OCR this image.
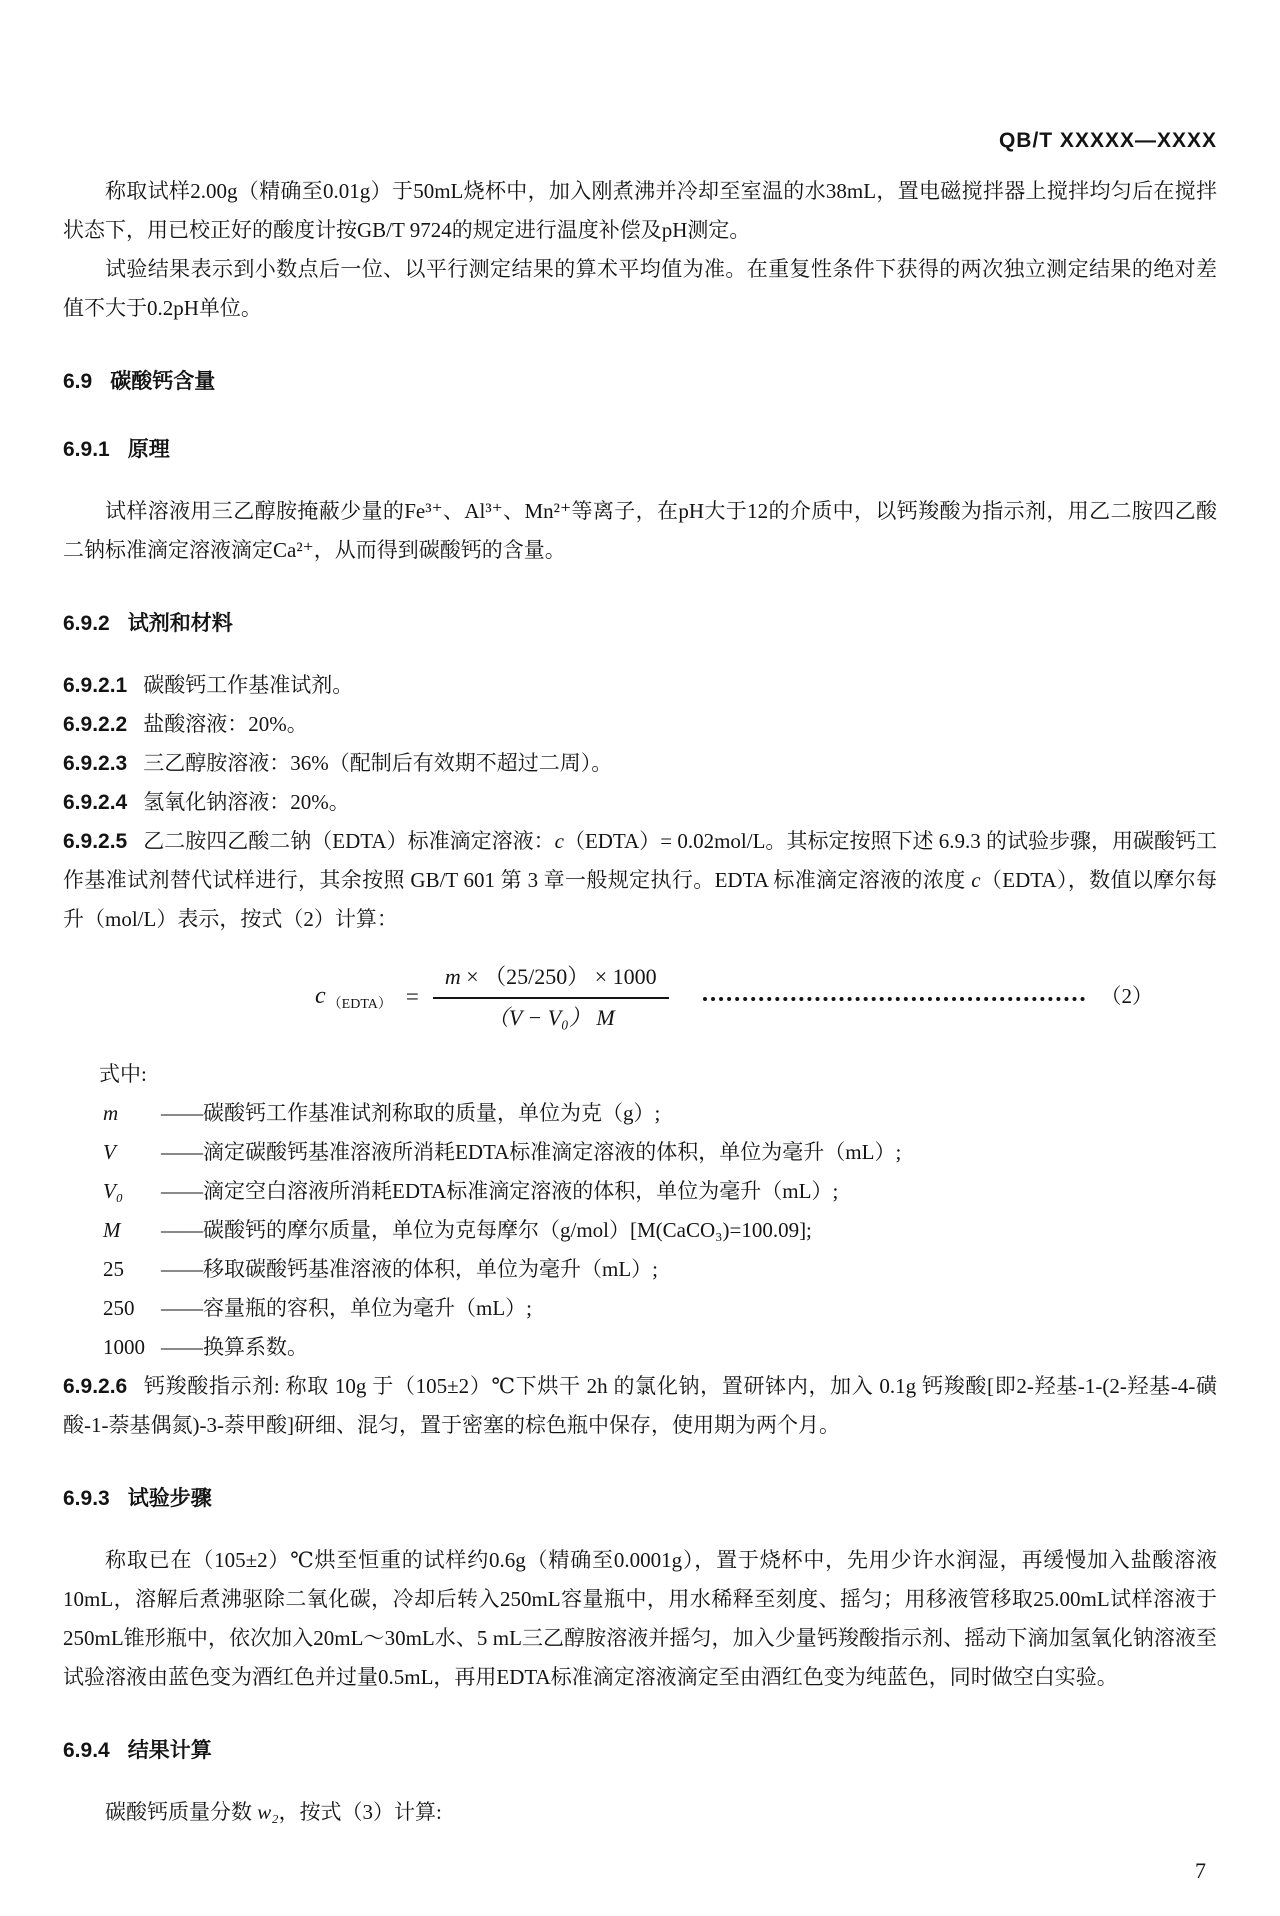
QB/T XXXXX—XXXX

称取试样2.00g（精确至0.01g）于50mL烧杯中，加入刚煮沸并冷却至室温的水38mL，置电磁搅拌器上搅拌均匀后在搅拌状态下，用已校正好的酸度计按GB/T 9724的规定进行温度补偿及pH测定。

试验结果表示到小数点后一位、以平行测定结果的算术平均值为准。在重复性条件下获得的两次独立测定结果的绝对差值不大于0.2pH单位。

6.9 碳酸钙含量
6.9.1 原理

试样溶液用三乙醇胺掩蔽少量的Fe³⁺、Al³⁺、Mn²⁺等离子，在pH大于12的介质中，以钙羧酸为指示剂，用乙二胺四乙酸二钠标准滴定溶液滴定Ca²⁺，从而得到碳酸钙的含量。

6.9.2 试剂和材料

6.9.2.1 碳酸钙工作基准试剂。

6.9.2.2 盐酸溶液：20%。

6.9.2.3 三乙醇胺溶液：36%（配制后有效期不超过二周）。

6.9.2.4 氢氧化钠溶液：20%。

6.9.2.5 乙二胺四乙酸二钠（EDTA）标准滴定溶液：c（EDTA）= 0.02mol/L。其标定按照下述 6.9.3 的试验步骤，用碳酸钙工作基准试剂替代试样进行，其余按照 GB/T 601 第 3 章一般规定执行。EDTA 标准滴定溶液的浓度 c（EDTA），数值以摩尔每升（mol/L）表示，按式（2）计算：

c （EDTA） = $\frac{m \times (25/250) \times 1000}{\text{（V − V₀） M}}$	（2）

式中:

m	——碳酸钙工作基准试剂称取的质量，单位为克（g）;
V	——滴定碳酸钙基准溶液所消耗EDTA标准滴定溶液的体积，单位为毫升（mL）;
V₀	——滴定空白溶液所消耗EDTA标准滴定溶液的体积，单位为毫升（mL）;
M	——碳酸钙的摩尔质量，单位为克每摩尔（g/mol）[M(CaCO₃)=100.09];
25	——移取碳酸钙基准溶液的体积，单位为毫升（mL）;
250	——容量瓶的容积，单位为毫升（mL）;
1000 ——换算系数。

6.9.2.6 钙羧酸指示剂: 称取 10g 于（105±2）℃下烘干 2h 的氯化钠，置研钵内，加入 0.1g 钙羧酸[即2-羟基-1-(2-羟基-4-磺酸-1-萘基偶氮)-3-萘甲酸]研细、混匀，置于密塞的棕色瓶中保存，使用期为两个月。

6.9.3 试验步骤

称取已在（105±2）℃烘至恒重的试样约0.6g（精确至0.0001g），置于烧杯中，先用少许水润湿，再缓慢加入盐酸溶液10mL，溶解后煮沸驱除二氧化碳，冷却后转入250mL容量瓶中，用水稀释至刻度、摇匀；用移液管移取25.00mL试样溶液于250mL锥形瓶中，依次加入20mL～30mL水、5 mL三乙醇胺溶液并摇匀，加入少量钙羧酸指示剂、摇动下滴加氢氧化钠溶液至试验溶液由蓝色变为酒红色并过量0.5mL，再用EDTA标准滴定溶液滴定至由酒红色变为纯蓝色，同时做空白实验。

6.9.4 结果计算

碳酸钙质量分数 w₂，按式（3）计算:

7
